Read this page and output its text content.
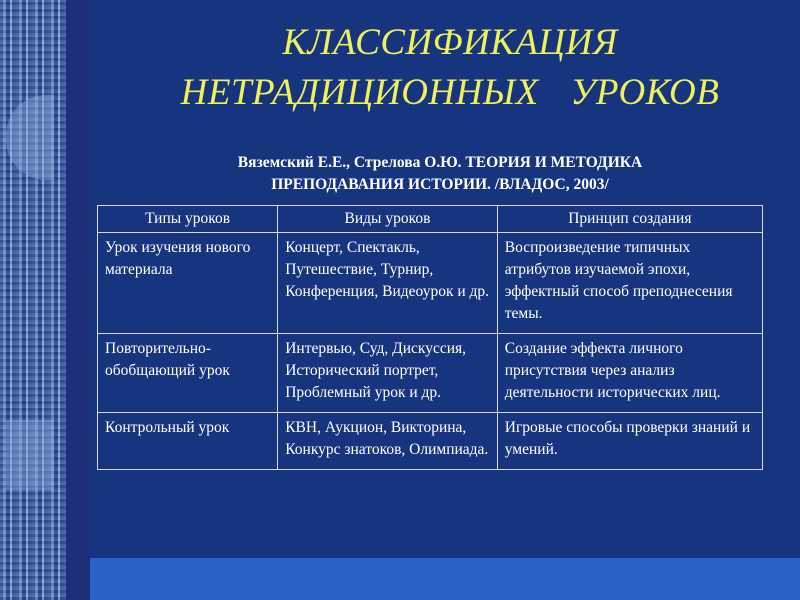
КЛАССИФИКАЦИЯ
НЕТРАДИЦИОННЫХ УРОКОВ
Вяземский Е.Е., Стрелова О.Ю. ТЕОРИЯ И МЕТОДИКА
ПРЕПОДАВАНИЯ ИСТОРИИ. /ВЛАДОС, 2003/
Типы уроков	Виды уроков	Принцип создания
Урок изучения нового материала	Концерт, Спектакль, Путешествие, Турнир, Конференция, Видеоурок и др.	Воспроизведение типичных атрибутов изучаемой эпохи, эффектный способ преподнесения темы.
Повторительно-обобщающий урок	Интервью, Суд, Дискуссия, Исторический портрет, Проблемный урок и др.	Создание эффекта личного присутствия через анализ деятельности исторических лиц.
Контрольный урок	КВН, Аукцион, Викторина, Конкурс знатоков, Олимпиада.	Игровые способы проверки знаний и умений.
